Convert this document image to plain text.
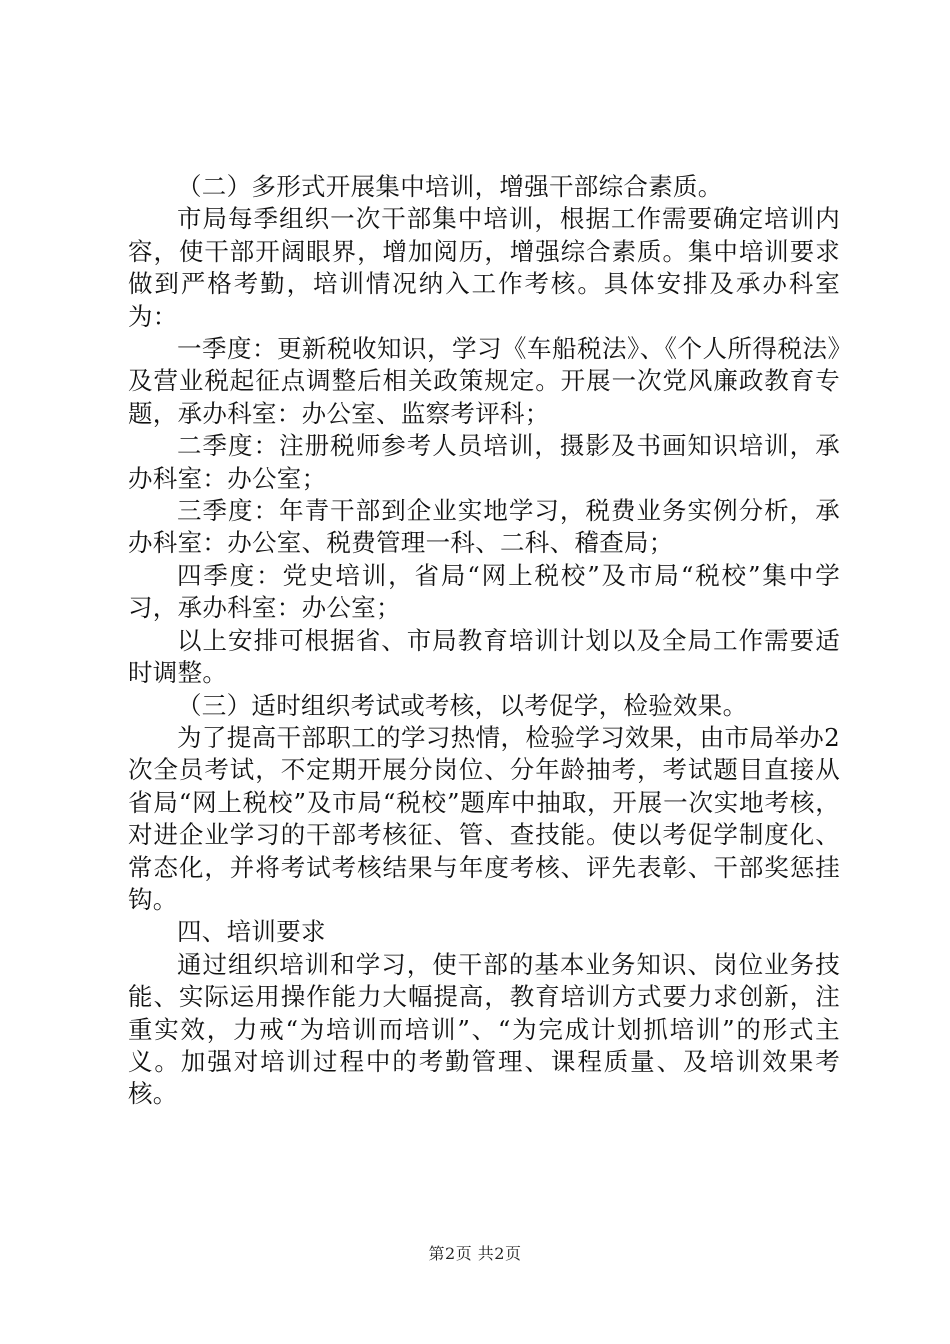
（二）多形式开展集中培训，增强干部综合素质。

市局每季组织一次干部集中培训，根据工作需要确定培训内容，使干部开阔眼界，增加阅历，增强综合素质。集中培训要求做到严格考勤，培训情况纳入工作考核。具体安排及承办科室为：

一季度：更新税收知识，学习《车船税法》、《个人所得税法》及营业税起征点调整后相关政策规定。开展一次党风廉政教育专题，承办科室：办公室、监察考评科；

二季度：注册税师参考人员培训，摄影及书画知识培训，承办科室：办公室；

三季度：年青干部到企业实地学习，税费业务实例分析，承办科室：办公室、税费管理一科、二科、稽查局；

四季度：党史培训，省局“网上税校”及市局“税校”集中学习，承办科室：办公室；

以上安排可根据省、市局教育培训计划以及全局工作需要适时调整。

（三）适时组织考试或考核，以考促学，检验效果。

为了提高干部职工的学习热情，检验学习效果，由市局举办2次全员考试，不定期开展分岗位、分年龄抽考，考试题目直接从省局“网上税校”及市局“税校”题库中抽取，开展一次实地考核，对进企业学习的干部考核征、管、查技能。使以考促学制度化、常态化，并将考试考核结果与年度考核、评先表彰、干部奖惩挂钩。

四、培训要求

通过组织培训和学习，使干部的基本业务知识、岗位业务技能、实际运用操作能力大幅提高，教育培训方式要力求创新，注重实效，力戒“为培训而培训”、“为完成计划抓培训”的形式主义。加强对培训过程中的考勤管理、课程质量、及培训效果考核。

第2页 共2页
